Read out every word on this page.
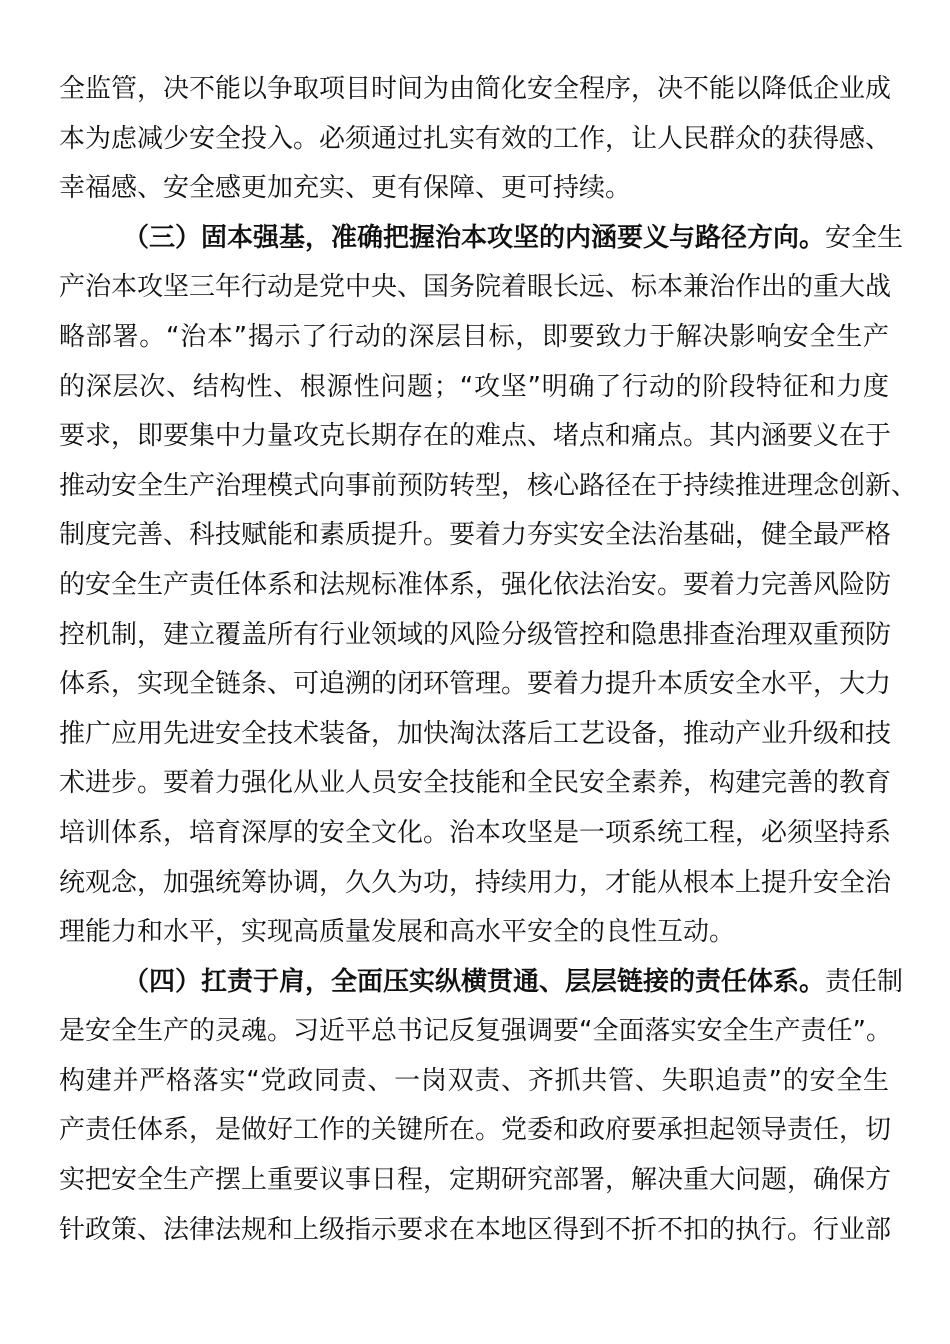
全监管，决不能以争取项目时间为由简化安全程序，决不能以降低企业成
本为虑减少安全投入。必须通过扎实有效的工作，让人民群众的获得感、
幸福感、安全感更加充实、更有保障、更可持续。
（三）固本强基，准确把握治本攻坚的内涵要义与路径方向。安全生
产治本攻坚三年行动是党中央、国务院着眼长远、标本兼治作出的重大战
略部署。“治本”揭示了行动的深层目标，即要致力于解决影响安全生产
的深层次、结构性、根源性问题；“攻坚”明确了行动的阶段特征和力度
要求，即要集中力量攻克长期存在的难点、堵点和痛点。其内涵要义在于
推动安全生产治理模式向事前预防转型，核心路径在于持续推进理念创新、
制度完善、科技赋能和素质提升。要着力夯实安全法治基础，健全最严格
的安全生产责任体系和法规标准体系，强化依法治安。要着力完善风险防
控机制，建立覆盖所有行业领域的风险分级管控和隐患排查治理双重预防
体系，实现全链条、可追溯的闭环管理。要着力提升本质安全水平，大力
推广应用先进安全技术装备，加快淘汰落后工艺设备，推动产业升级和技
术进步。要着力强化从业人员安全技能和全民安全素养，构建完善的教育
培训体系，培育深厚的安全文化。治本攻坚是一项系统工程，必须坚持系
统观念，加强统筹协调，久久为功，持续用力，才能从根本上提升安全治
理能力和水平，实现高质量发展和高水平安全的良性互动。
（四）扛责于肩，全面压实纵横贯通、层层链接的责任体系。责任制
是安全生产的灵魂。习近平总书记反复强调要“全面落实安全生产责任”。
构建并严格落实“党政同责、一岗双责、齐抓共管、失职追责”的安全生
产责任体系，是做好工作的关键所在。党委和政府要承担起领导责任，切
实把安全生产摆上重要议事日程，定期研究部署，解决重大问题，确保方
针政策、法律法规和上级指示要求在本地区得到不折不扣的执行。行业部
